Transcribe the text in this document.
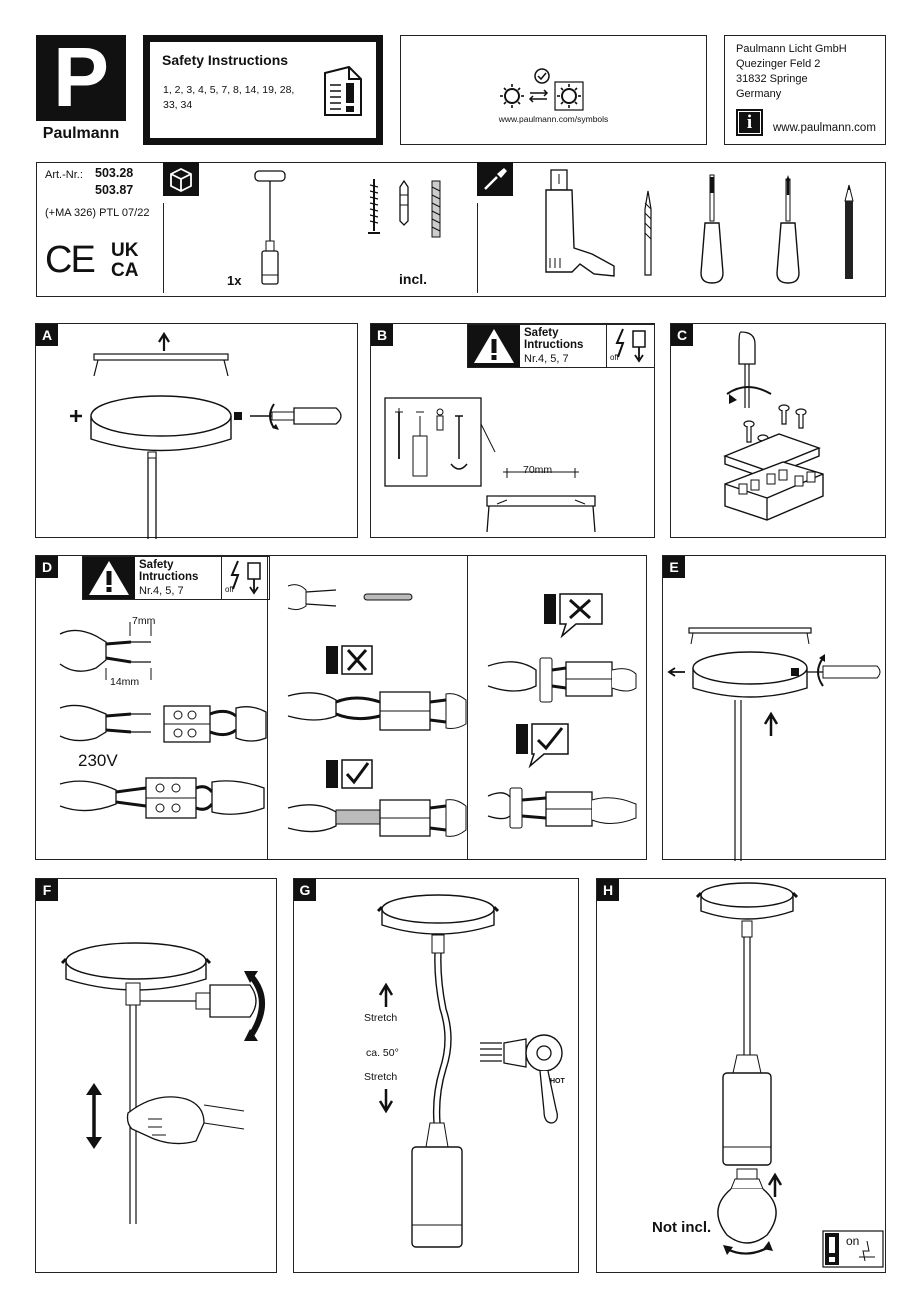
P
Paulmann
Safety Instructions
1, 2, 3, 4, 5, 7, 8, 14, 19, 28,
33, 34
www.paulmann.com/symbols
Paulmann Licht GmbH
Quezinger Feld 2
31832 Springe
Germany
i	www.paulmann.com
Art.-Nr.: 503.28
503.87
(+MA 326) PTL 07/22
CE UK
CA	1x	incl.
A	B	Safety
Intructions
Nr.4, 5, 7	off
70mm
C
D	Safety
Intructions
Nr.4, 5, 7	off
7mm
14mm
230V
E
F	G
Stretch
ca. 50°
Stretch	HOT
H
Not incl.
on
